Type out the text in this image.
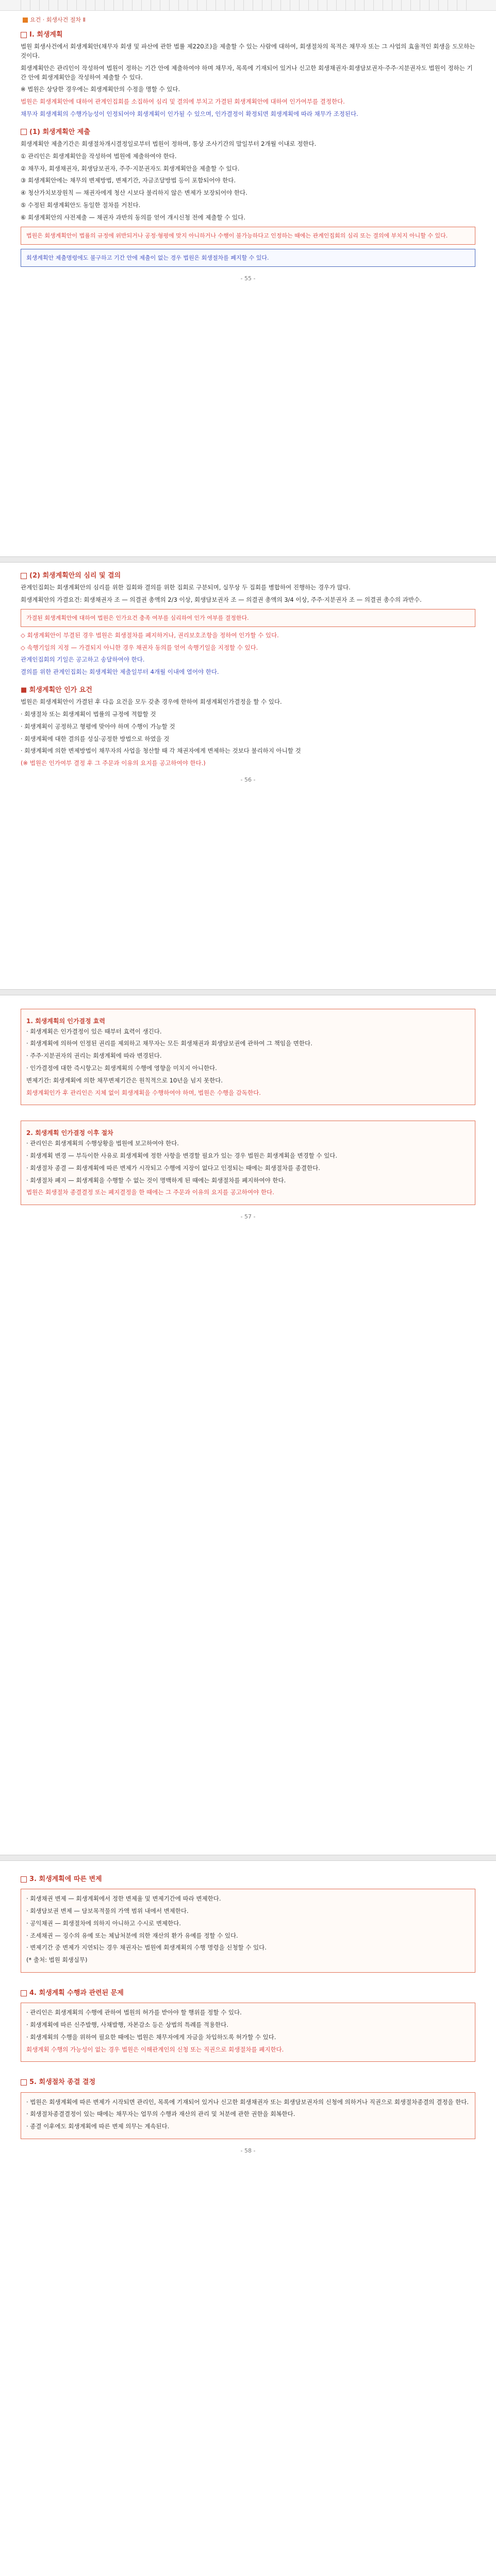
요건 · 회생사건 절차 Ⅱ
Ⅰ. 회생계획

법원 회생사건에서 회생계획안(채무자 회생 및 파산에 관한 법률 제220조)을 제출할 수 있는 사람에 대하여, 회생절차의 목적은 채무자 또는 그 사업의 효율적인 회생을 도모하는 것이다.

회생계획안은 관리인이 작성하여 법원이 정하는 기간 안에 제출하여야 하며 채무자, 목록에 기재되어 있거나 신고한 회생채권자·회생담보권자·주주·지분권자도 법원이 정하는 기간 안에 회생계획안을 작성하여 제출할 수 있다.

※ 법원은 상당한 경우에는 회생계획안의 수정을 명할 수 있다.

법원은 회생계획안에 대하여 관계인집회를 소집하여 심리 및 결의에 부치고 가결된 회생계획안에 대하여 인가여부를 결정한다.

채무자 회생계획의 수행가능성이 인정되어야 회생계획이 인가될 수 있으며, 인가결정이 확정되면 회생계획에 따라 채무가 조정된다.

(1) 회생계획안 제출

회생계획안 제출기간은 회생절차개시결정일로부터 법원이 정하며, 통상 조사기간의 말일부터 2개월 이내로 정한다.

① 관리인은 회생계획안을 작성하여 법원에 제출하여야 한다.

② 채무자, 회생채권자, 회생담보권자, 주주·지분권자도 회생계획안을 제출할 수 있다.

③ 회생계획안에는 채무의 변제방법, 변제기간, 자금조달방법 등이 포함되어야 한다.

④ 청산가치보장원칙 — 채권자에게 청산 시보다 불리하지 않은 변제가 보장되어야 한다.

⑤ 수정된 회생계획안도 동일한 절차를 거친다.

⑥ 회생계획안의 사전제출 — 채권자 과반의 동의를 얻어 개시신청 전에 제출할 수 있다.

법원은 회생계획안이 법률의 규정에 위반되거나 공정·형평에 맞지 아니하거나 수행이 불가능하다고 인정하는 때에는 관계인집회의 심리 또는 결의에 부치지 아니할 수 있다.
회생계획안 제출명령에도 불구하고 기간 안에 제출이 없는 경우 법원은 회생절차를 폐지할 수 있다.
- 55 -
(2) 회생계획안의 심리 및 결의

관계인집회는 회생계획안의 심리를 위한 집회와 결의를 위한 집회로 구분되며, 실무상 두 집회를 병합하여 진행하는 경우가 많다.

회생계획안의 가결요건: 회생채권자 조 — 의결권 총액의 2/3 이상, 회생담보권자 조 — 의결권 총액의 3/4 이상, 주주·지분권자 조 — 의결권 총수의 과반수.

가결된 회생계획안에 대하여 법원은 인가요건 충족 여부를 심리하여 인가 여부를 결정한다.

◇ 회생계획안이 부결된 경우 법원은 회생절차를 폐지하거나, 권리보호조항을 정하여 인가할 수 있다.

◇ 속행기일의 지정 — 가결되지 아니한 경우 채권자 동의를 얻어 속행기일을 지정할 수 있다.

관계인집회의 기일은 공고하고 송달하여야 한다.

결의를 위한 관계인집회는 회생계획안 제출일부터 4개월 이내에 열어야 한다.

■ 회생계획안 인가 요건

법원은 회생계획안이 가결된 후 다음 요건을 모두 갖춘 경우에 한하여 회생계획인가결정을 할 수 있다.

· 회생절차 또는 회생계획이 법률의 규정에 적합할 것

· 회생계획이 공정하고 형평에 맞아야 하며 수행이 가능할 것

· 회생계획에 대한 결의를 성실·공정한 방법으로 하였을 것

· 회생계획에 의한 변제방법이 채무자의 사업을 청산할 때 각 채권자에게 변제하는 것보다 불리하지 아니할 것

(※ 법원은 인가여부 결정 후 그 주문과 이유의 요지를 공고하여야 한다.)

- 56 -
1. 회생계획의 인가결정 효력

· 회생계획은 인가결정이 있은 때부터 효력이 생긴다.

· 회생계획에 의하여 인정된 권리를 제외하고 채무자는 모든 회생채권과 회생담보권에 관하여 그 책임을 면한다.

· 주주·지분권자의 권리는 회생계획에 따라 변경된다.

· 인가결정에 대한 즉시항고는 회생계획의 수행에 영향을 미치지 아니한다.

변제기간: 회생계획에 의한 채무변제기간은 원칙적으로 10년을 넘지 못한다.

회생계획인가 후 관리인은 지체 없이 회생계획을 수행하여야 하며, 법원은 수행을 감독한다.

2. 회생계획 인가결정 이후 절차

· 관리인은 회생계획의 수행상황을 법원에 보고하여야 한다.

· 회생계획 변경 — 부득이한 사유로 회생계획에 정한 사항을 변경할 필요가 있는 경우 법원은 회생계획을 변경할 수 있다.

· 회생절차 종결 — 회생계획에 따른 변제가 시작되고 수행에 지장이 없다고 인정되는 때에는 회생절차를 종결한다.

· 회생절차 폐지 — 회생계획을 수행할 수 없는 것이 명백하게 된 때에는 회생절차를 폐지하여야 한다.

법원은 회생절차 종결결정 또는 폐지결정을 한 때에는 그 주문과 이유의 요지를 공고하여야 한다.

- 57 -
3. 회생계획에 따른 변제

· 회생채권 변제 — 회생계획에서 정한 변제율 및 변제기간에 따라 변제한다.

· 회생담보권 변제 — 담보목적물의 가액 범위 내에서 변제한다.

· 공익채권 — 회생절차에 의하지 아니하고 수시로 변제한다.

· 조세채권 — 징수의 유예 또는 체납처분에 의한 재산의 환가 유예를 정할 수 있다.

· 변제기간 중 변제가 지연되는 경우 채권자는 법원에 회생계획의 수행 명령을 신청할 수 있다.

(* 출처: 법원 회생실무)

4. 회생계획 수행과 관련된 문제

· 관리인은 회생계획의 수행에 관하여 법원의 허가를 받아야 할 행위를 정할 수 있다.

· 회생계획에 따른 신주발행, 사채발행, 자본감소 등은 상법의 특례를 적용한다.

· 회생계획의 수행을 위하여 필요한 때에는 법원은 채무자에게 자금을 차입하도록 허가할 수 있다.

회생계획 수행의 가능성이 없는 경우 법원은 이해관계인의 신청 또는 직권으로 회생절차를 폐지한다.

5. 회생절차 종결 결정

· 법원은 회생계획에 따른 변제가 시작되면 관리인, 목록에 기재되어 있거나 신고한 회생채권자 또는 회생담보권자의 신청에 의하거나 직권으로 회생절차종결의 결정을 한다.

· 회생절차종결결정이 있는 때에는 채무자는 업무의 수행과 재산의 관리 및 처분에 관한 권한을 회복한다.

· 종결 이후에도 회생계획에 따른 변제 의무는 계속된다.

- 58 -
